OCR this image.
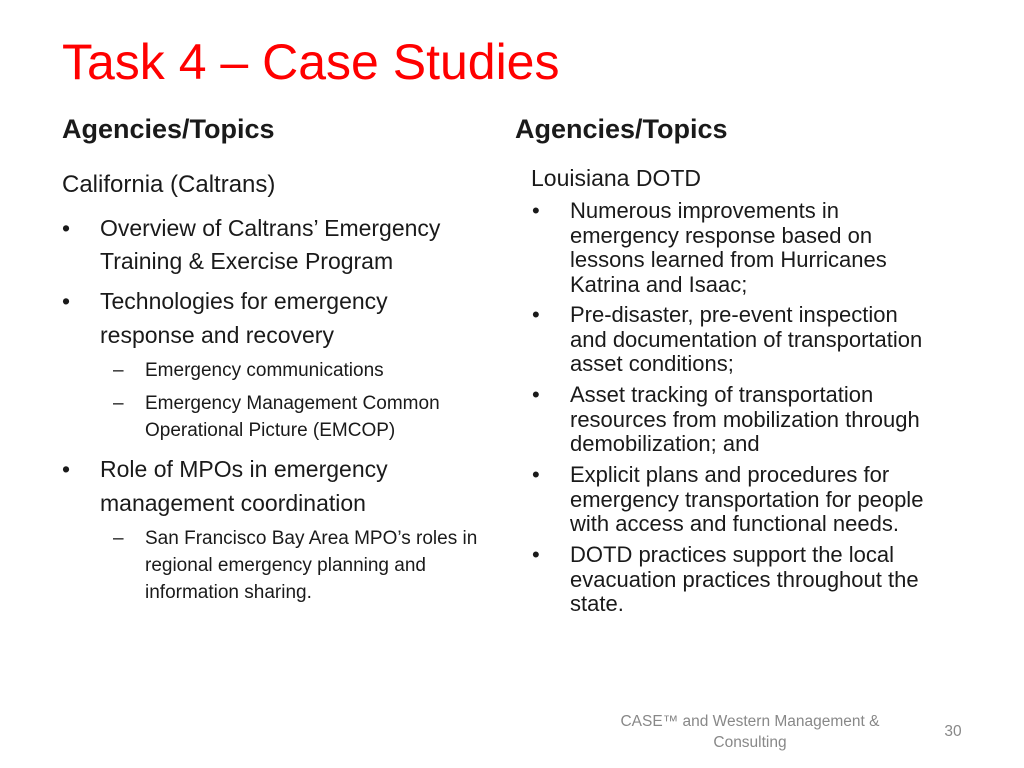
Task 4 – Case Studies
Agencies/Topics	Agencies/Topics
California (Caltrans)
• Overview of Caltrans’ Emergency
Training & Exercise Program
• Technologies for emergency
response and recovery
– Emergency communications
– Emergency Management Common
Operational Picture (EMCOP)
• Role of MPOs in emergency
management coordination
– San Francisco Bay Area MPO’s roles in
regional emergency planning and
information sharing.
Louisiana DOTD
• Numerous improvements in
emergency response based on
lessons learned from Hurricanes
Katrina and Isaac;
• Pre-disaster, pre-event inspection
and documentation of transportation
asset conditions;
• Asset tracking of transportation
resources from mobilization through
demobilization; and
• Explicit plans and procedures for
emergency transportation for people
with access and functional needs.
• DOTD practices support the local
evacuation practices throughout the
state.
CASE™ and Western Management &
Consulting
30
